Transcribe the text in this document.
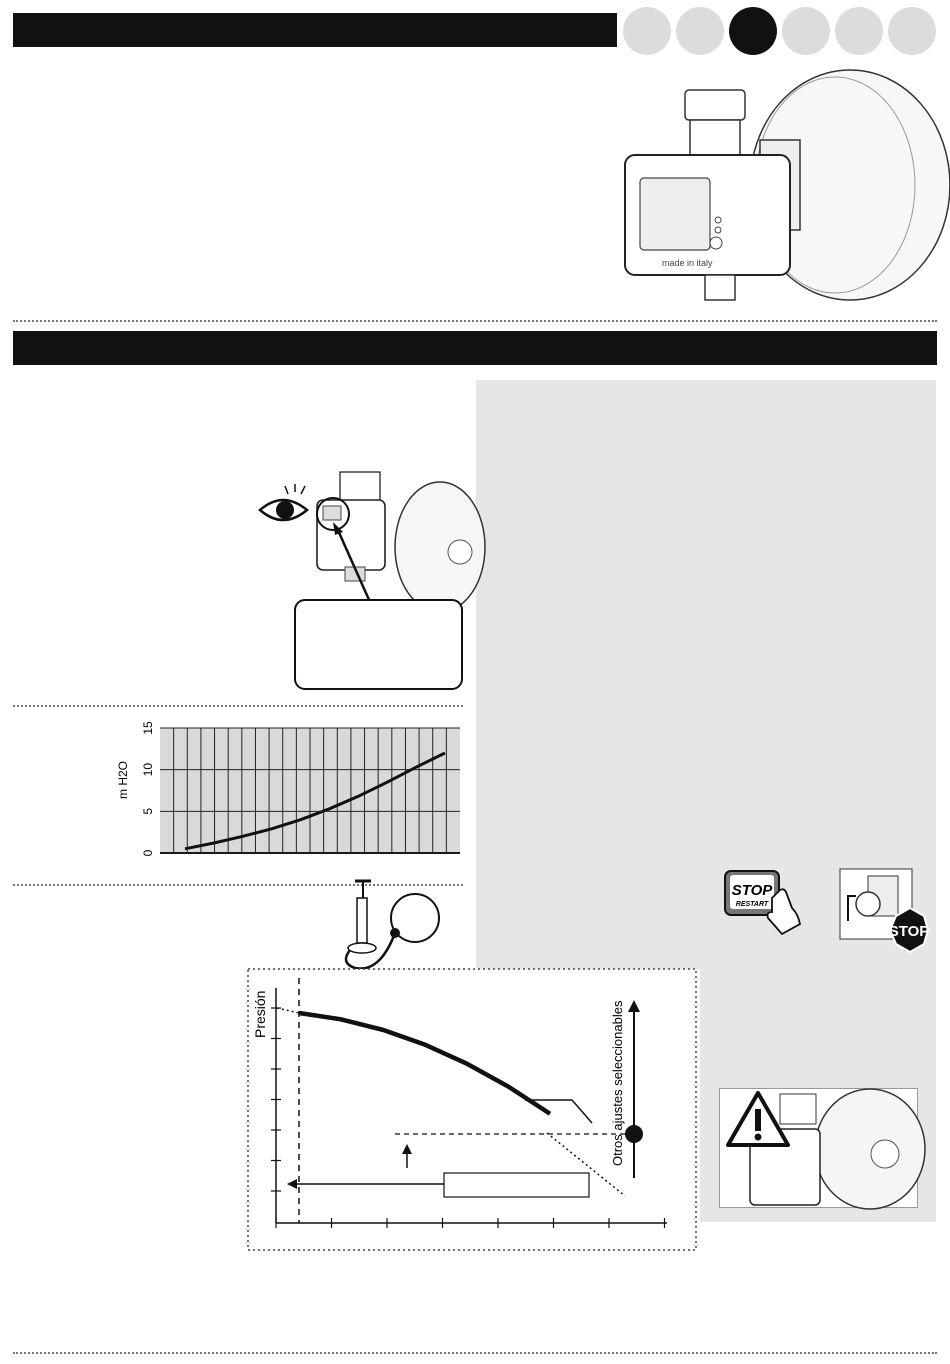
made in italy
0
5
10
15
m H2O
Presión	Otros ajustes seleccionables
STOP
RESTART
STOP
